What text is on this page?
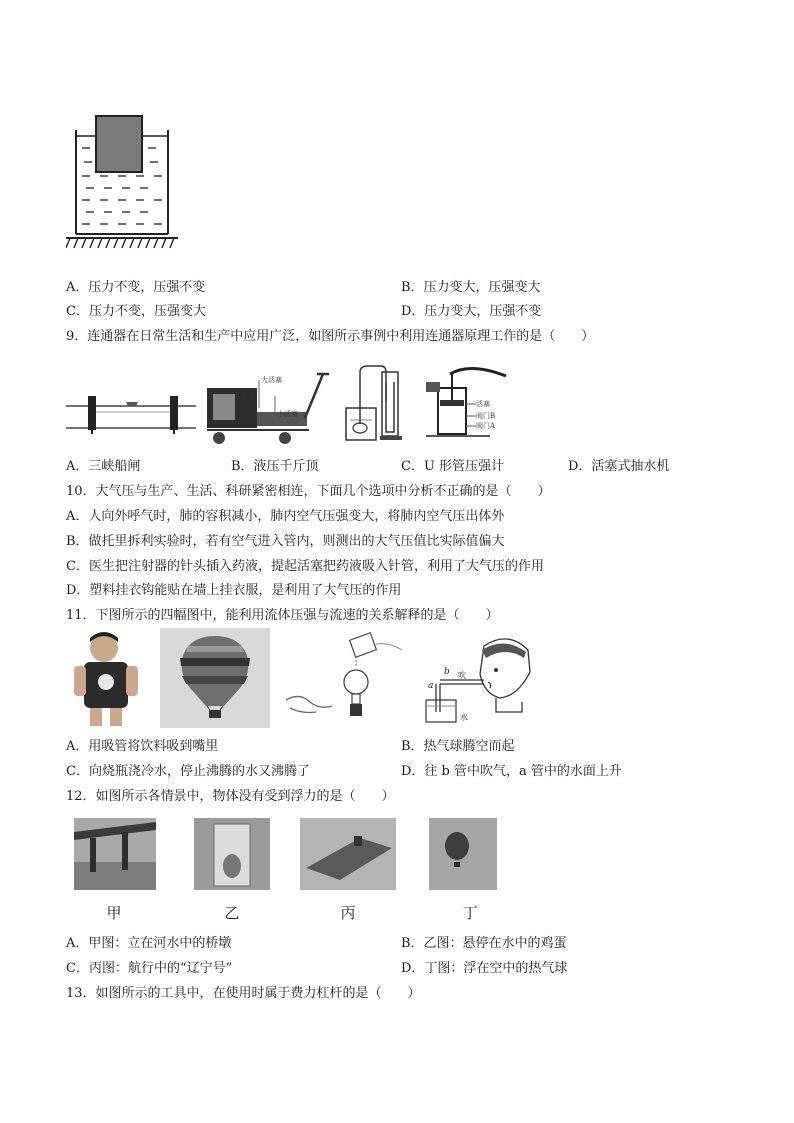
A．压力不变，压强不变	B．压力变大，压强变大
C．压力不变，压强变大	D．压力变大，压强不变
9．连通器在日常生活和生产中应用广泛，如图所示事例中利用连通器原理工作的是（　　）
大活塞
支点
小活塞
活塞
阀门B
阀门A
A．三峡船闸	B．液压千斤顶	C．U 形管压强计	D．活塞式抽水机
10．大气压与生产、生活、科研紧密相连，下面几个选项中分析不正确的是（　　）
A．人向外呼气时，肺的容积减小，肺内空气压强变大，将肺内空气压出体外
B．做托里拆利实验时，若有空气进入管内，则测出的大气压值比实际值偏大
C．医生把注射器的针头插入药液，提起活塞把药液吸入针管，利用了大气压的作用
D．塑料挂衣钩能贴在墙上挂衣服，是利用了大气压的作用
11．下图所示的四幅图中，能利用流体压强与流速的关系解释的是（　　）
b
a
吹
水
A．用吸管将饮料吸到嘴里	B．热气球腾空而起
C．向烧瓶浇冷水，停止沸腾的水又沸腾了	D．往 b 管中吹气，a 管中的水面上升
12．如图所示各情景中，物体没有受到浮力的是（　　）
甲	乙	丙	丁
A．甲图：立在河水中的桥墩	B．乙图：悬停在水中的鸡蛋
C．丙图：航行中的“辽宁号”	D．丁图：浮在空中的热气球
13．如图所示的工具中，在使用时属于费力杠杆的是（　　）
